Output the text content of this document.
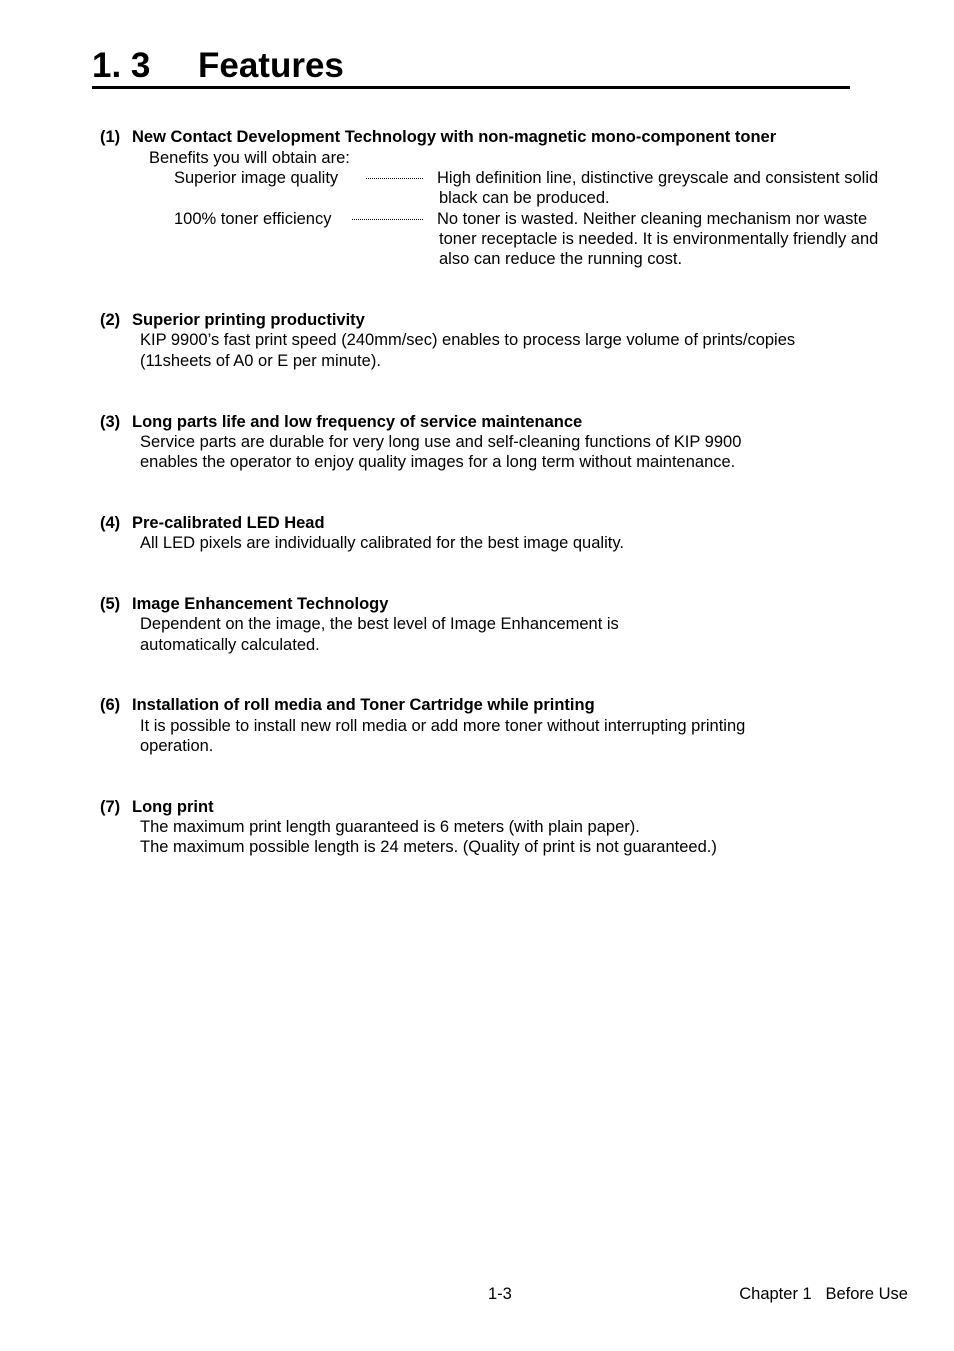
1. 3 Features
(1) New Contact Development Technology with non-magnetic mono-component toner
Benefits you will obtain are:
Superior image quality	High definition line, distinctive greyscale and consistent solid
black can be produced.
100% toner efficiency	No toner is wasted. Neither cleaning mechanism nor waste
toner receptacle is needed. It is environmentally friendly and
also can reduce the running cost.
(2) Superior printing productivity
KIP 9900’s fast print speed (240mm/sec) enables to process large volume of prints/copies
(11sheets of A0 or E per minute).
(3) Long parts life and low frequency of service maintenance
Service parts are durable for very long use and self-cleaning functions of KIP 9900
enables the operator to enjoy quality images for a long term without maintenance.
(4) Pre-calibrated LED Head
All LED pixels are individually calibrated for the best image quality.
(5) Image Enhancement Technology
Dependent on the image, the best level of Image Enhancement is
automatically calculated.
(6) Installation of roll media and Toner Cartridge while printing
It is possible to install new roll media or add more toner without interrupting printing
operation.
(7) Long print
The maximum print length guaranteed is 6 meters (with plain paper).
The maximum possible length is 24 meters. (Quality of print is not guaranteed.)
1-3	Chapter 1   Before Use
